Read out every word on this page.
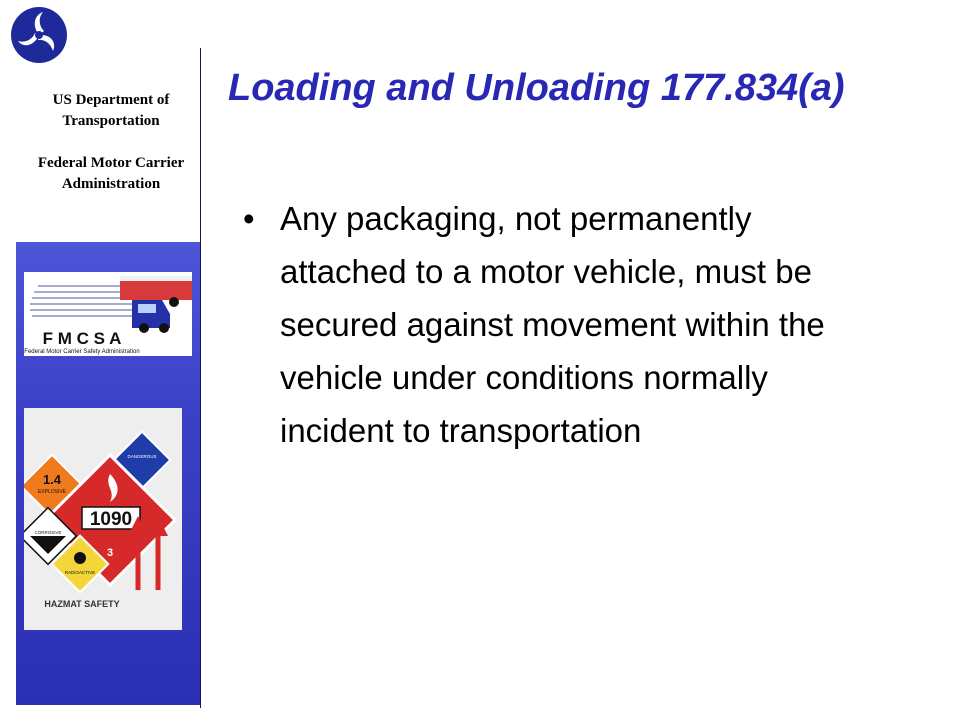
US Department of Transportation
Federal Motor Carrier Administration
F M C S A
Federal Motor Carrier Safety Administration
DANGEROUS
1.4
EXPLOSIVE
1090
3
CORROSIVE
RADIOACTIVE
HAZMAT SAFETY
Loading and Unloading 177.834(a)
• Any packaging, not permanently attached to a motor vehicle, must be secured against movement within the vehicle under conditions normally incident to transportation
